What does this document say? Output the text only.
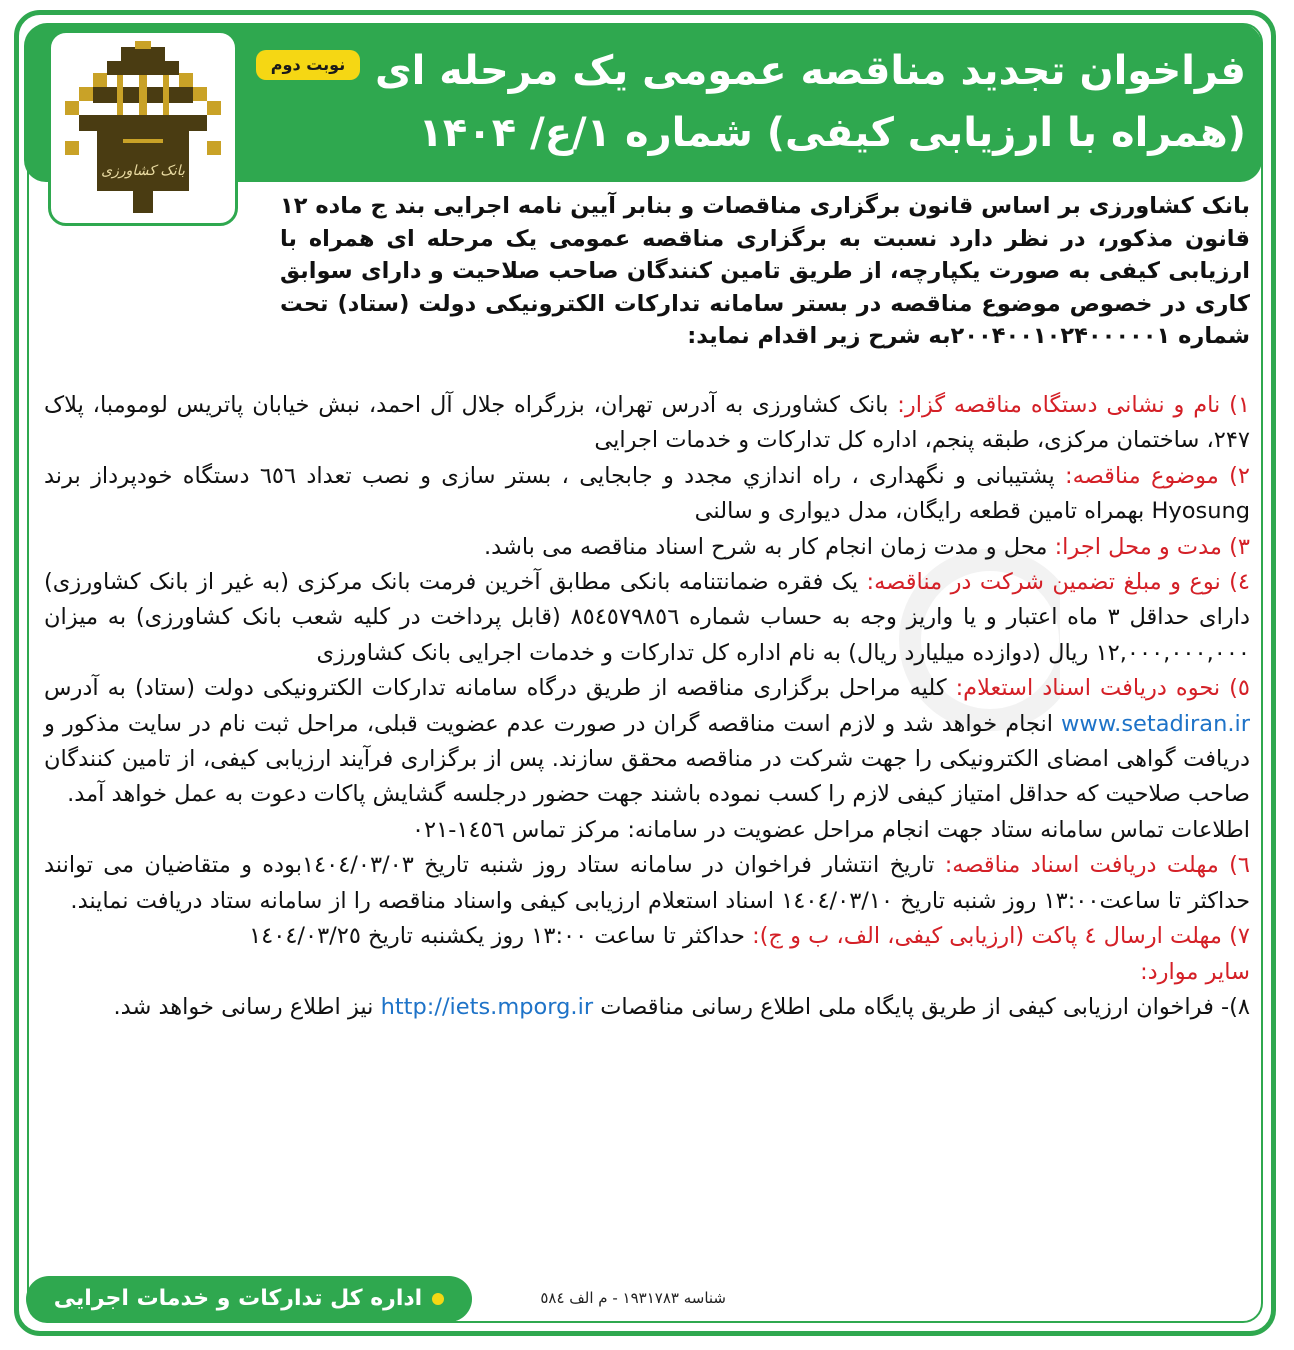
بانک کشاورزی
نوبت دوم فراخوان تجدید مناقصه عمومی یک مرحله ای
(همراه با ارزیابی کیفی) شماره ۱/ع/ ۱۴۰۴
بانک کشاورزی بر اساس قانون برگزاری مناقصات و بنابر آیین نامه اجرایی بند ج ماده ۱۲ قانون مذکور، در نظر دارد نسبت به برگزاری مناقصه عمومی یک مرحله ای همراه با ارزیابی کیفی به صورت یکپارچه، از طریق تامین کنندگان صاحب صلاحیت و دارای سوابق کاری در خصوص موضوع مناقصه در بستر سامانه تدارکات الکترونیکی دولت (ستاد) تحت شماره ۲۰۰۴۰۰۱۰۲۴۰۰۰۰۰۱به شرح زیر اقدام نماید:

۱) نام و نشانی دستگاه مناقصه گزار: بانک کشاورزی به آدرس تهران، بزرگراه جلال آل احمد، نبش خیابان پاتریس لومومبا، پلاک ۲۴۷، ساختمان مرکزی، طبقه پنجم، اداره کل تدارکات و خدمات اجرایی

۲) موضوع مناقصه: پشتیبانی و نگهداری ، راه اندازي مجدد و جابجایی ، بستر سازی و نصب تعداد ٦٥٦ دستگاه خودپرداز برند Hyosung بهمراه تامین قطعه رایگان، مدل دیواری و سالنی

۳) مدت و محل اجرا: محل و مدت زمان انجام کار به شرح اسناد مناقصه می باشد.

٤) نوع و مبلغ تضمین شرکت در مناقصه: یک فقره ضمانتنامه بانکی مطابق آخرین فرمت بانک مرکزی (به غیر از بانک کشاورزی) دارای حداقل ۳ ماه اعتبار و یا واریز وجه به حساب شماره ۸٥٤٥٧٩٨٥٦ (قابل پرداخت در کلیه شعب بانک کشاورزی) به میزان ۱۲,۰۰۰,۰۰۰,۰۰۰ ریال (دوازده میلیارد ریال) به نام اداره کل تدارکات و خدمات اجرایی بانک کشاورزی

٥) نحوه دریافت اسناد استعلام: کلیه مراحل برگزاری مناقصه از طریق درگاه سامانه تدارکات الکترونیکی دولت (ستاد) به آدرس www.setadiran.ir انجام خواهد شد و لازم است مناقصه گران در صورت عدم عضویت قبلی، مراحل ثبت نام در سایت مذکور و دریافت گواهی امضای الکترونیکی را جهت شرکت در مناقصه محقق سازند. پس از برگزاری فرآیند ارزیابی کیفی، از تامین کنندگان صاحب صلاحیت که حداقل امتیاز کیفی لازم را کسب نموده باشند جهت حضور درجلسه گشایش پاکات دعوت به عمل خواهد آمد.

اطلاعات تماس سامانه ستاد جهت انجام مراحل عضویت در سامانه: مرکز تماس ۱٤٥٦-۰۲۱

٦) مهلت دریافت اسناد مناقصه: تاریخ انتشار فراخوان در سامانه ستاد روز شنبه تاریخ ۱٤۰٤/۰۳/۰۳بوده و متقاضیان می توانند حداکثر تا ساعت۱۳:۰۰ روز شنبه تاریخ ۱٤۰٤/۰۳/۱۰ اسناد استعلام ارزیابی کیفی واسناد مناقصه را از سامانه ستاد دریافت نمایند.

۷) مهلت ارسال ٤ پاکت (ارزیابی کیفی، الف، ب و ج): حداکثر تا ساعت ۱۳:۰۰ روز یکشنبه تاریخ ۱٤۰٤/۰۳/۲٥

سایر موارد:

۸)- فراخوان ارزیابی کیفی از طریق پایگاه ملی اطلاع رسانی مناقصات http://iets.mporg.ir نیز اطلاع رسانی خواهد شد.

شناسه ۱۹۳۱۷۸۳ - م الف ٥۸٤
اداره کل تدارکات و خدمات اجرایی
